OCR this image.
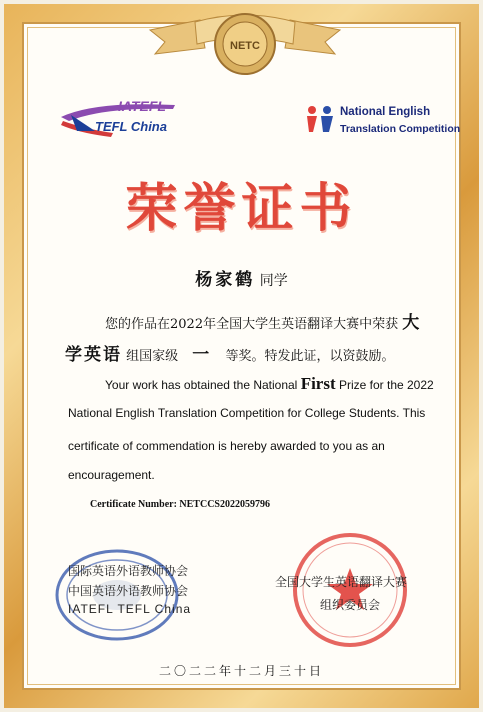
NETC
IATEFL
TEFL China
National English
Translation Competition
荣誉证书
杨家鹤 同学
您的作品在2022年全国大学生英语翻译大赛中荣获 大
学英语 组国家级 一 等奖。特发此证，以资鼓励。
Your work has obtained the National First Prize for the 2022
National English Translation Competition for College Students. This
certificate of commendation is hereby awarded to you as an
encouragement.
Certificate Number: NETCCS2022059796
国际英语外语教师协会
中国英语外语教师协会
IATEFL TEFL China
全国大学生英语翻译大赛
组织委员会
二〇二二年十二月三十日
